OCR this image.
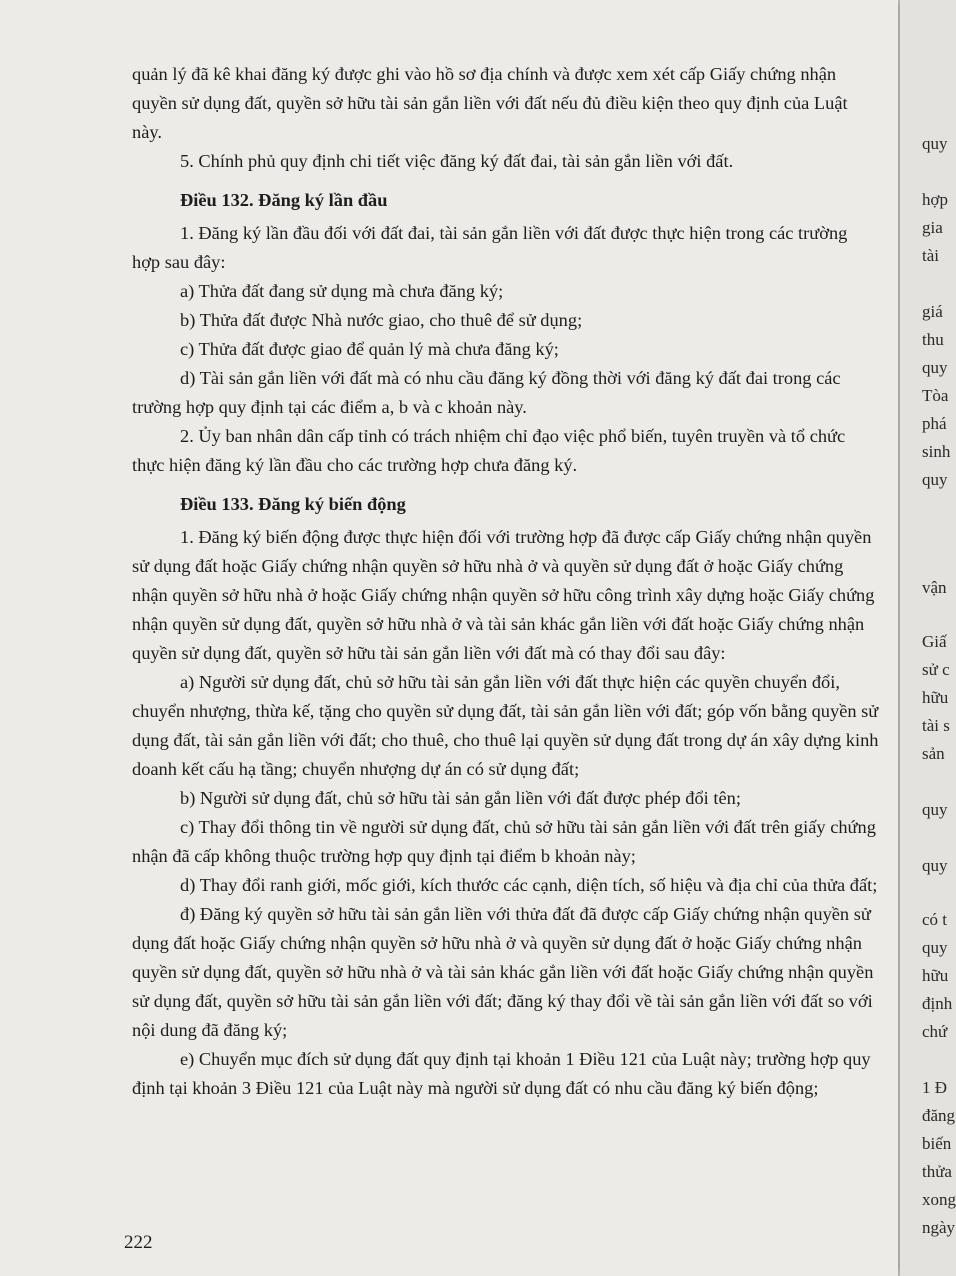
quản lý đã kê khai đăng ký được ghi vào hồ sơ địa chính và được xem xét cấp Giấy chứng nhận quyền sử dụng đất, quyền sở hữu tài sản gắn liền với đất nếu đủ điều kiện theo quy định của Luật này.

5. Chính phủ quy định chi tiết việc đăng ký đất đai, tài sản gắn liền với đất.

Điều 132. Đăng ký lần đầu

1. Đăng ký lần đầu đối với đất đai, tài sản gắn liền với đất được thực hiện trong các trường hợp sau đây:

a) Thửa đất đang sử dụng mà chưa đăng ký;

b) Thửa đất được Nhà nước giao, cho thuê để sử dụng;

c) Thửa đất được giao để quản lý mà chưa đăng ký;

d) Tài sản gắn liền với đất mà có nhu cầu đăng ký đồng thời với đăng ký đất đai trong các trường hợp quy định tại các điểm a, b và c khoản này.

2. Ủy ban nhân dân cấp tỉnh có trách nhiệm chỉ đạo việc phổ biến, tuyên truyền và tổ chức thực hiện đăng ký lần đầu cho các trường hợp chưa đăng ký.

Điều 133. Đăng ký biến động

1. Đăng ký biến động được thực hiện đối với trường hợp đã được cấp Giấy chứng nhận quyền sử dụng đất hoặc Giấy chứng nhận quyền sở hữu nhà ở và quyền sử dụng đất ở hoặc Giấy chứng nhận quyền sở hữu nhà ở hoặc Giấy chứng nhận quyền sở hữu công trình xây dựng hoặc Giấy chứng nhận quyền sử dụng đất, quyền sở hữu nhà ở và tài sản khác gắn liền với đất hoặc Giấy chứng nhận quyền sử dụng đất, quyền sở hữu tài sản gắn liền với đất mà có thay đổi sau đây:

a) Người sử dụng đất, chủ sở hữu tài sản gắn liền với đất thực hiện các quyền chuyển đổi, chuyển nhượng, thừa kế, tặng cho quyền sử dụng đất, tài sản gắn liền với đất; góp vốn bằng quyền sử dụng đất, tài sản gắn liền với đất; cho thuê, cho thuê lại quyền sử dụng đất trong dự án xây dựng kinh doanh kết cấu hạ tầng; chuyển nhượng dự án có sử dụng đất;

b) Người sử dụng đất, chủ sở hữu tài sản gắn liền với đất được phép đổi tên;

c) Thay đổi thông tin về người sử dụng đất, chủ sở hữu tài sản gắn liền với đất trên giấy chứng nhận đã cấp không thuộc trường hợp quy định tại điểm b khoản này;

d) Thay đổi ranh giới, mốc giới, kích thước các cạnh, diện tích, số hiệu và địa chỉ của thửa đất;

đ) Đăng ký quyền sở hữu tài sản gắn liền với thửa đất đã được cấp Giấy chứng nhận quyền sử dụng đất hoặc Giấy chứng nhận quyền sở hữu nhà ở và quyền sử dụng đất ở hoặc Giấy chứng nhận quyền sử dụng đất, quyền sở hữu nhà ở và tài sản khác gắn liền với đất hoặc Giấy chứng nhận quyền sử dụng đất, quyền sở hữu tài sản gắn liền với đất; đăng ký thay đổi về tài sản gắn liền với đất so với nội dung đã đăng ký;

e) Chuyển mục đích sử dụng đất quy định tại khoản 1 Điều 121 của Luật này; trường hợp quy định tại khoản 3 Điều 121 của Luật này mà người sử dụng đất có nhu cầu đăng ký biến động;

222
quy
hợp
gia
tài
giá
thu
quy
Tòa
phá
sinh
quy
vận
Giấ
sử c
hữu
tài s
sản
quy
quy
có t
quy
hữu
định
chứ
1 Đ
đăng
biến
thửa
xong
ngày
